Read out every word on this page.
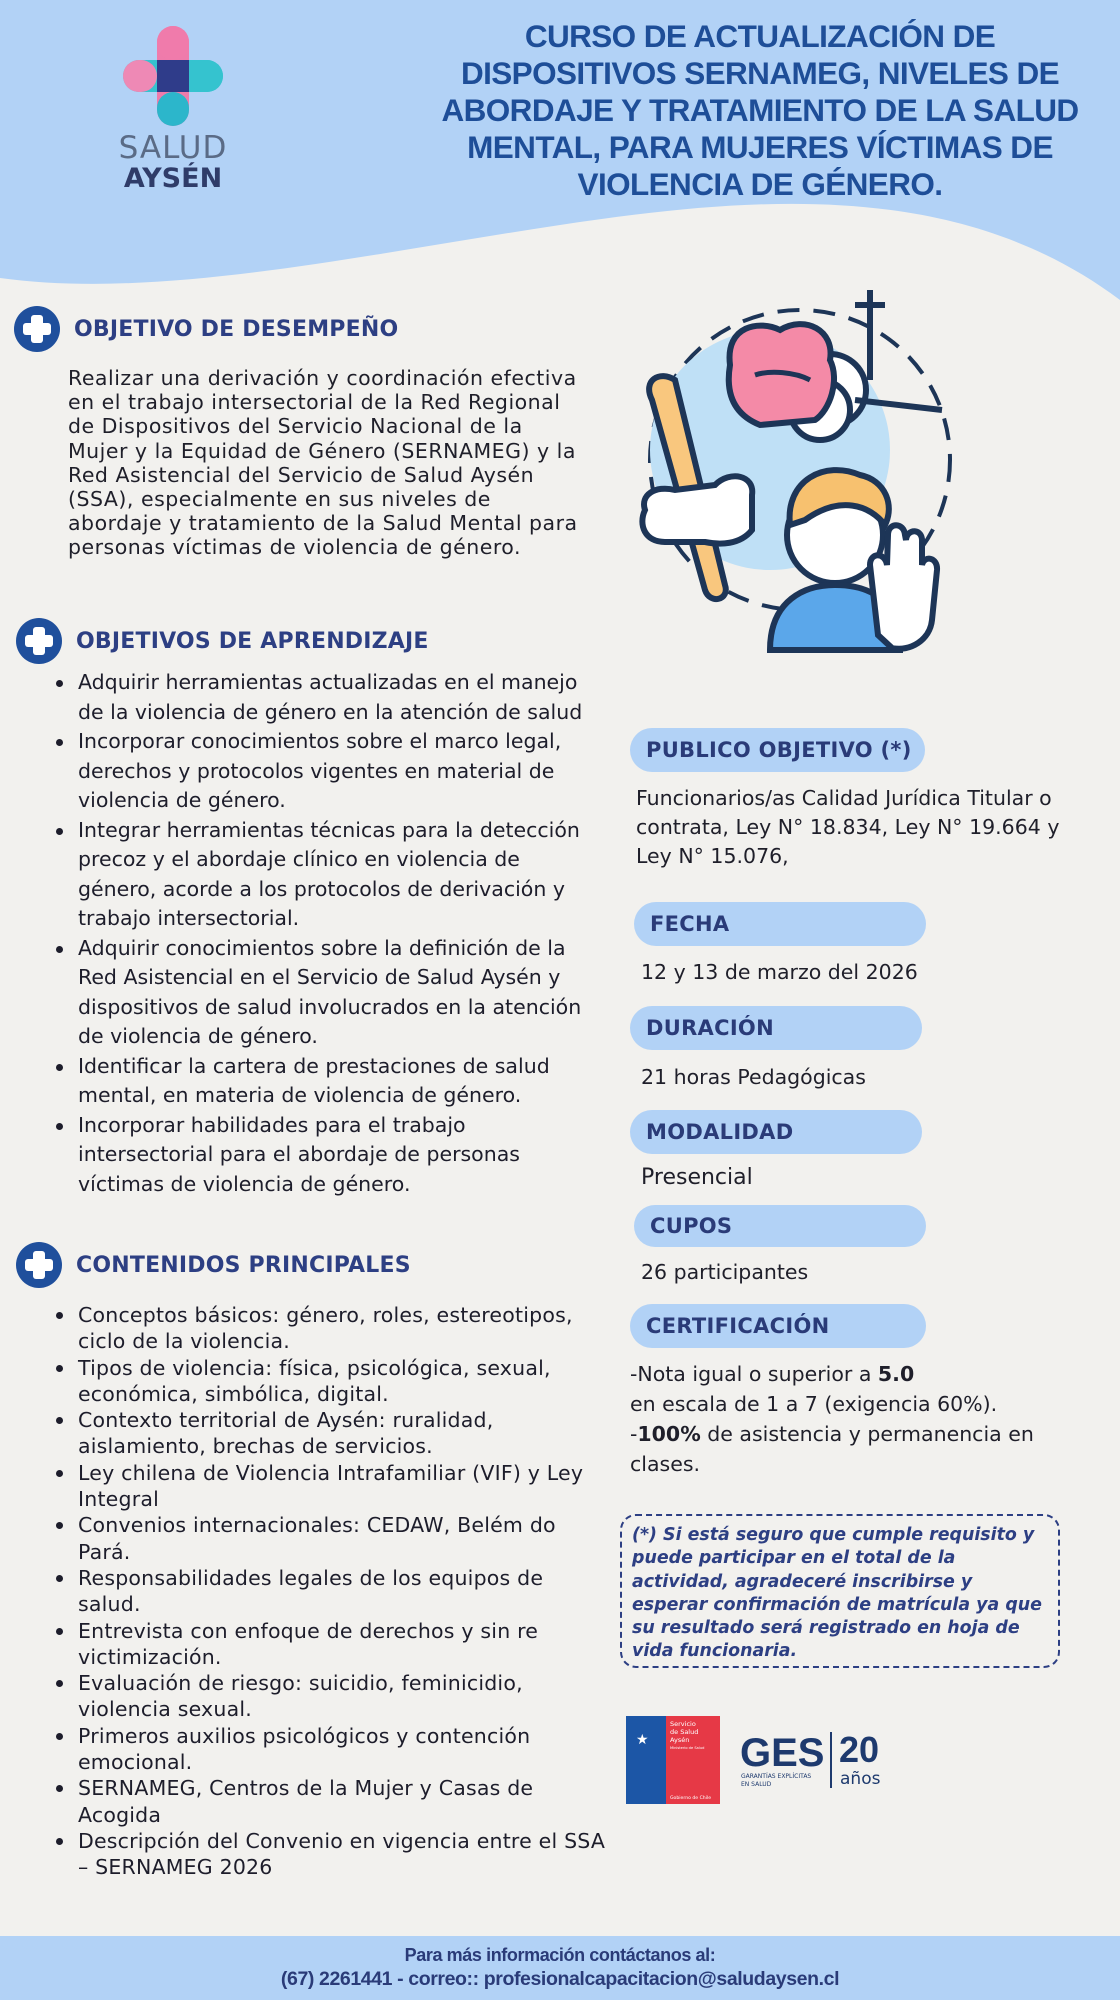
SALUD
AYSÉN
CURSO DE ACTUALIZACIÓN DE DISPOSITIVOS SERNAMEG, NIVELES DE ABORDAJE Y TRATAMIENTO DE LA SALUD MENTAL, PARA MUJERES VÍCTIMAS DE VIOLENCIA DE GÉNERO.
OBJETIVO DE DESEMPEÑO

Realizar una derivación y coordinación efectiva en el trabajo intersectorial de la Red Regional de Dispositivos del Servicio Nacional de la Mujer y la Equidad de Género (SERNAMEG) y la Red Asistencial del Servicio de Salud Aysén (SSA), especialmente en sus niveles de abordaje y tratamiento de la Salud Mental para personas víctimas de violencia de género.

OBJETIVOS DE APRENDIZAJE
Adquirir herramientas actualizadas en el manejo de la violencia de género en la atención de salud
Incorporar conocimientos sobre el marco legal, derechos y protocolos vigentes en material de violencia de género.
Integrar herramientas técnicas para la detección precoz y el abordaje clínico en violencia de género, acorde a los protocolos de derivación y trabajo intersectorial.
Adquirir conocimientos sobre la definición de la Red Asistencial en el Servicio de Salud Aysén y dispositivos de salud involucrados en la atención de violencia de género.
Identificar la cartera de prestaciones de salud mental, en materia de violencia de género.
Incorporar habilidades para el trabajo intersectorial para el abordaje de personas víctimas de violencia de género.
CONTENIDOS PRINCIPALES
Conceptos básicos: género, roles, estereotipos, ciclo de la violencia.
Tipos de violencia: física, psicológica, sexual, económica, simbólica, digital.
Contexto territorial de Aysén: ruralidad, aislamiento, brechas de servicios.
Ley chilena de Violencia Intrafamiliar (VIF) y Ley Integral
Convenios internacionales: CEDAW, Belém do Pará.
Responsabilidades legales de los equipos de salud.
Entrevista con enfoque de derechos y sin re victimización.
Evaluación de riesgo: suicidio, feminicidio, violencia sexual.
Primeros auxilios psicológicos y contención emocional.
SERNAMEG, Centros de la Mujer y Casas de Acogida
Descripción del Convenio en vigencia entre el SSA – SERNAMEG 2026
PUBLICO OBJETIVO (*)

Funcionarios/as Calidad Jurídica Titular o contrata, Ley N° 18.834, Ley N° 19.664 y Ley N° 15.076,

FECHA

12 y 13 de marzo del 2026

DURACIÓN

21 horas Pedagógicas

MODALIDAD

Presencial

CUPOS

26 participantes

CERTIFICACIÓN
-Nota igual o superior a 5.0
en escala de 1 a 7 (exigencia 60%).
-100% de asistencia y permanencia en clases.
(*) Si está seguro que cumple requisito y puede participar en el total de la actividad, agradeceré inscribirse y esperar confirmación de matrícula ya que su resultado será registrado en hoja de vida funcionaria.
★
Servicio
de Salud
Aysén
Ministerio de Salud
Gobierno de Chile
GES
GARANTÍAS EXPLÍCITAS
EN SALUD
20
años
Para más información contáctanos al:
(67) 2261441 - correo:: profesionalcapacitacion@saludaysen.cl
